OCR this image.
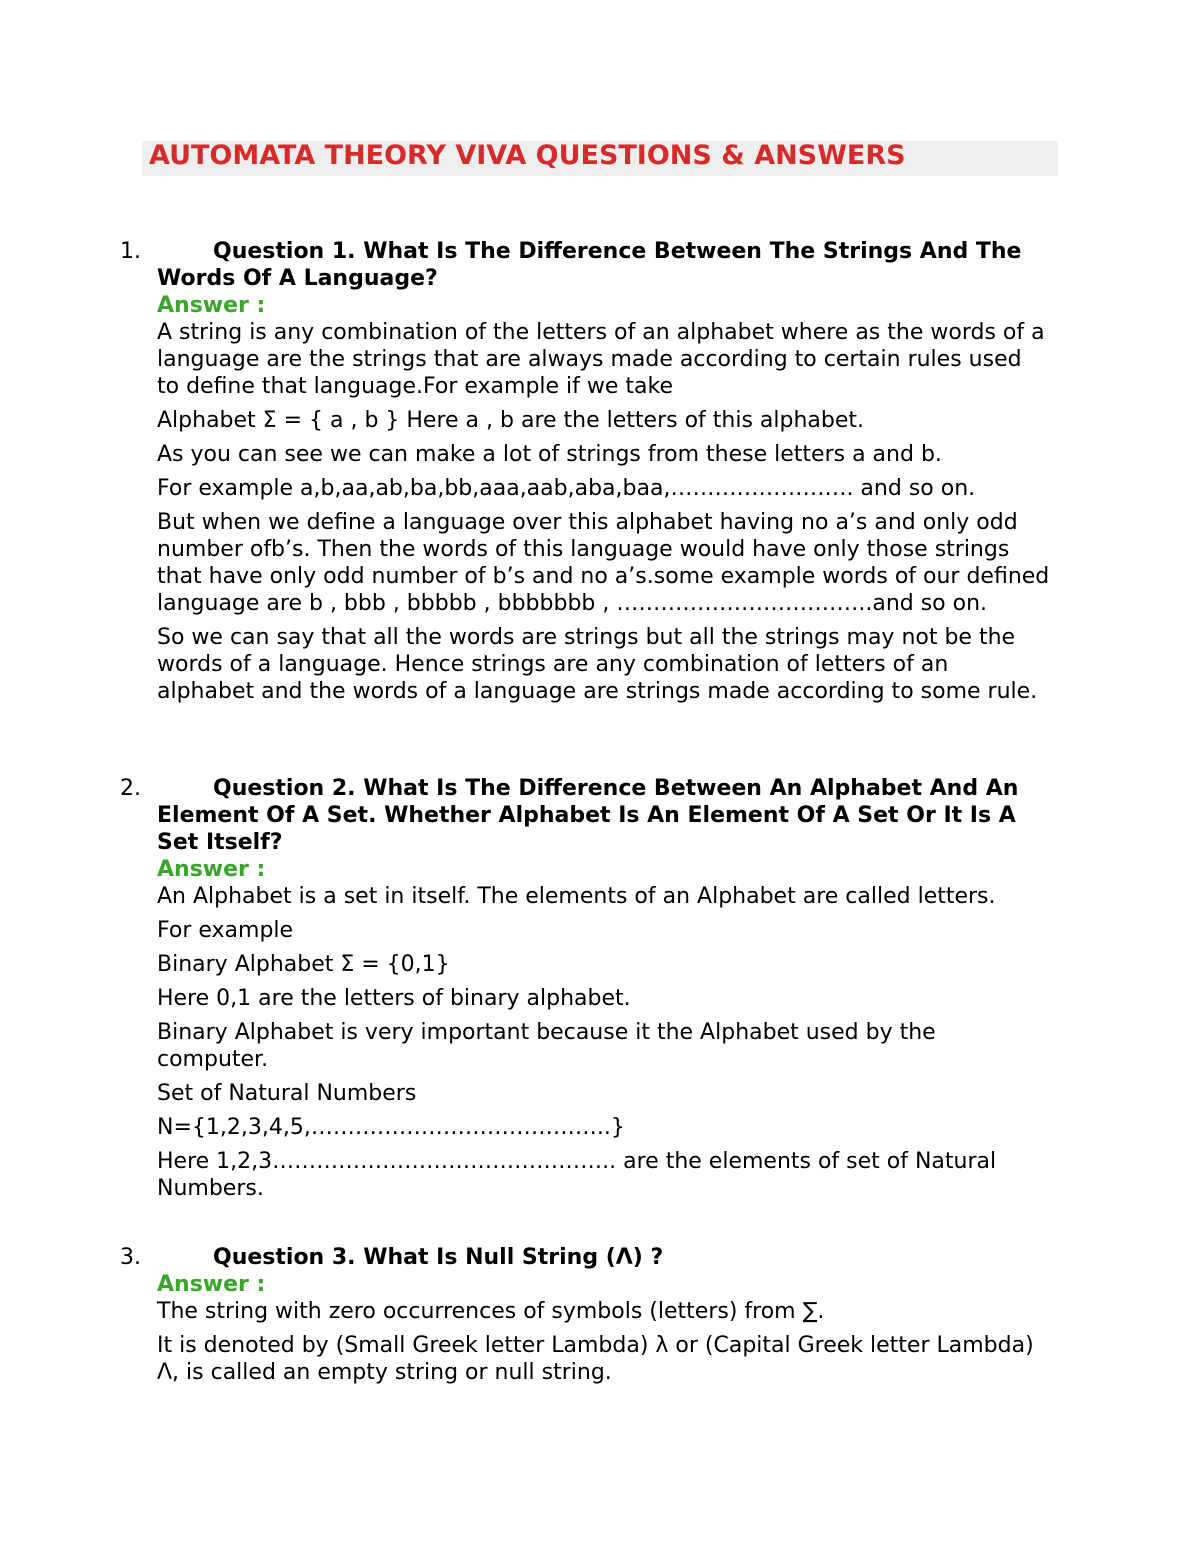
AUTOMATA THEORY VIVA QUESTIONS & ANSWERS
1.	Question 1. What Is The Difference Between The Strings And The Words Of A Language?
Answer :
A string is any combination of the letters of an alphabet where as the words of a language are the strings that are always made according to certain rules used to define that language.For example if we take
Alphabet Σ = { a , b } Here a , b are the letters of this alphabet.
As you can see we can make a lot of strings from these letters a and b.
For example a,b,aa,ab,ba,bb,aaa,aab,aba,baa,……………………. and so on.
But when we define a language over this alphabet having no a’s and only odd number ofb’s. Then the words of this language would have only those strings that have only odd number of b’s and no a’s.some example words of our defined language are b , bbb , bbbbb , bbbbbbb , ……………………………..and so on.
So we can say that all the words are strings but all the strings may not be the words of a language. Hence strings are any combination of letters of an alphabet and the words of a language are strings made according to some rule.
2.	Question 2. What Is The Difference Between An Alphabet And An Element Of A Set. Whether Alphabet Is An Element Of A Set Or It Is A Set Itself?
Answer :
An Alphabet is a set in itself. The elements of an Alphabet are called letters.
For example
Binary Alphabet Σ = {0,1}
Here 0,1 are the letters of binary alphabet.
Binary Alphabet is very important because it the Alphabet used by the computer.
Set of Natural Numbers
N={1,2,3,4,5,…………………………………..}
Here 1,2,3……………………………………….. are the elements of set of Natural Numbers.
3.	Question 3. What Is Null String (Λ) ?
Answer :
The string with zero occurrences of symbols (letters) from ∑.
It is denoted by (Small Greek letter Lambda) λ or (Capital Greek letter Lambda) Λ, is called an empty string or null string.
